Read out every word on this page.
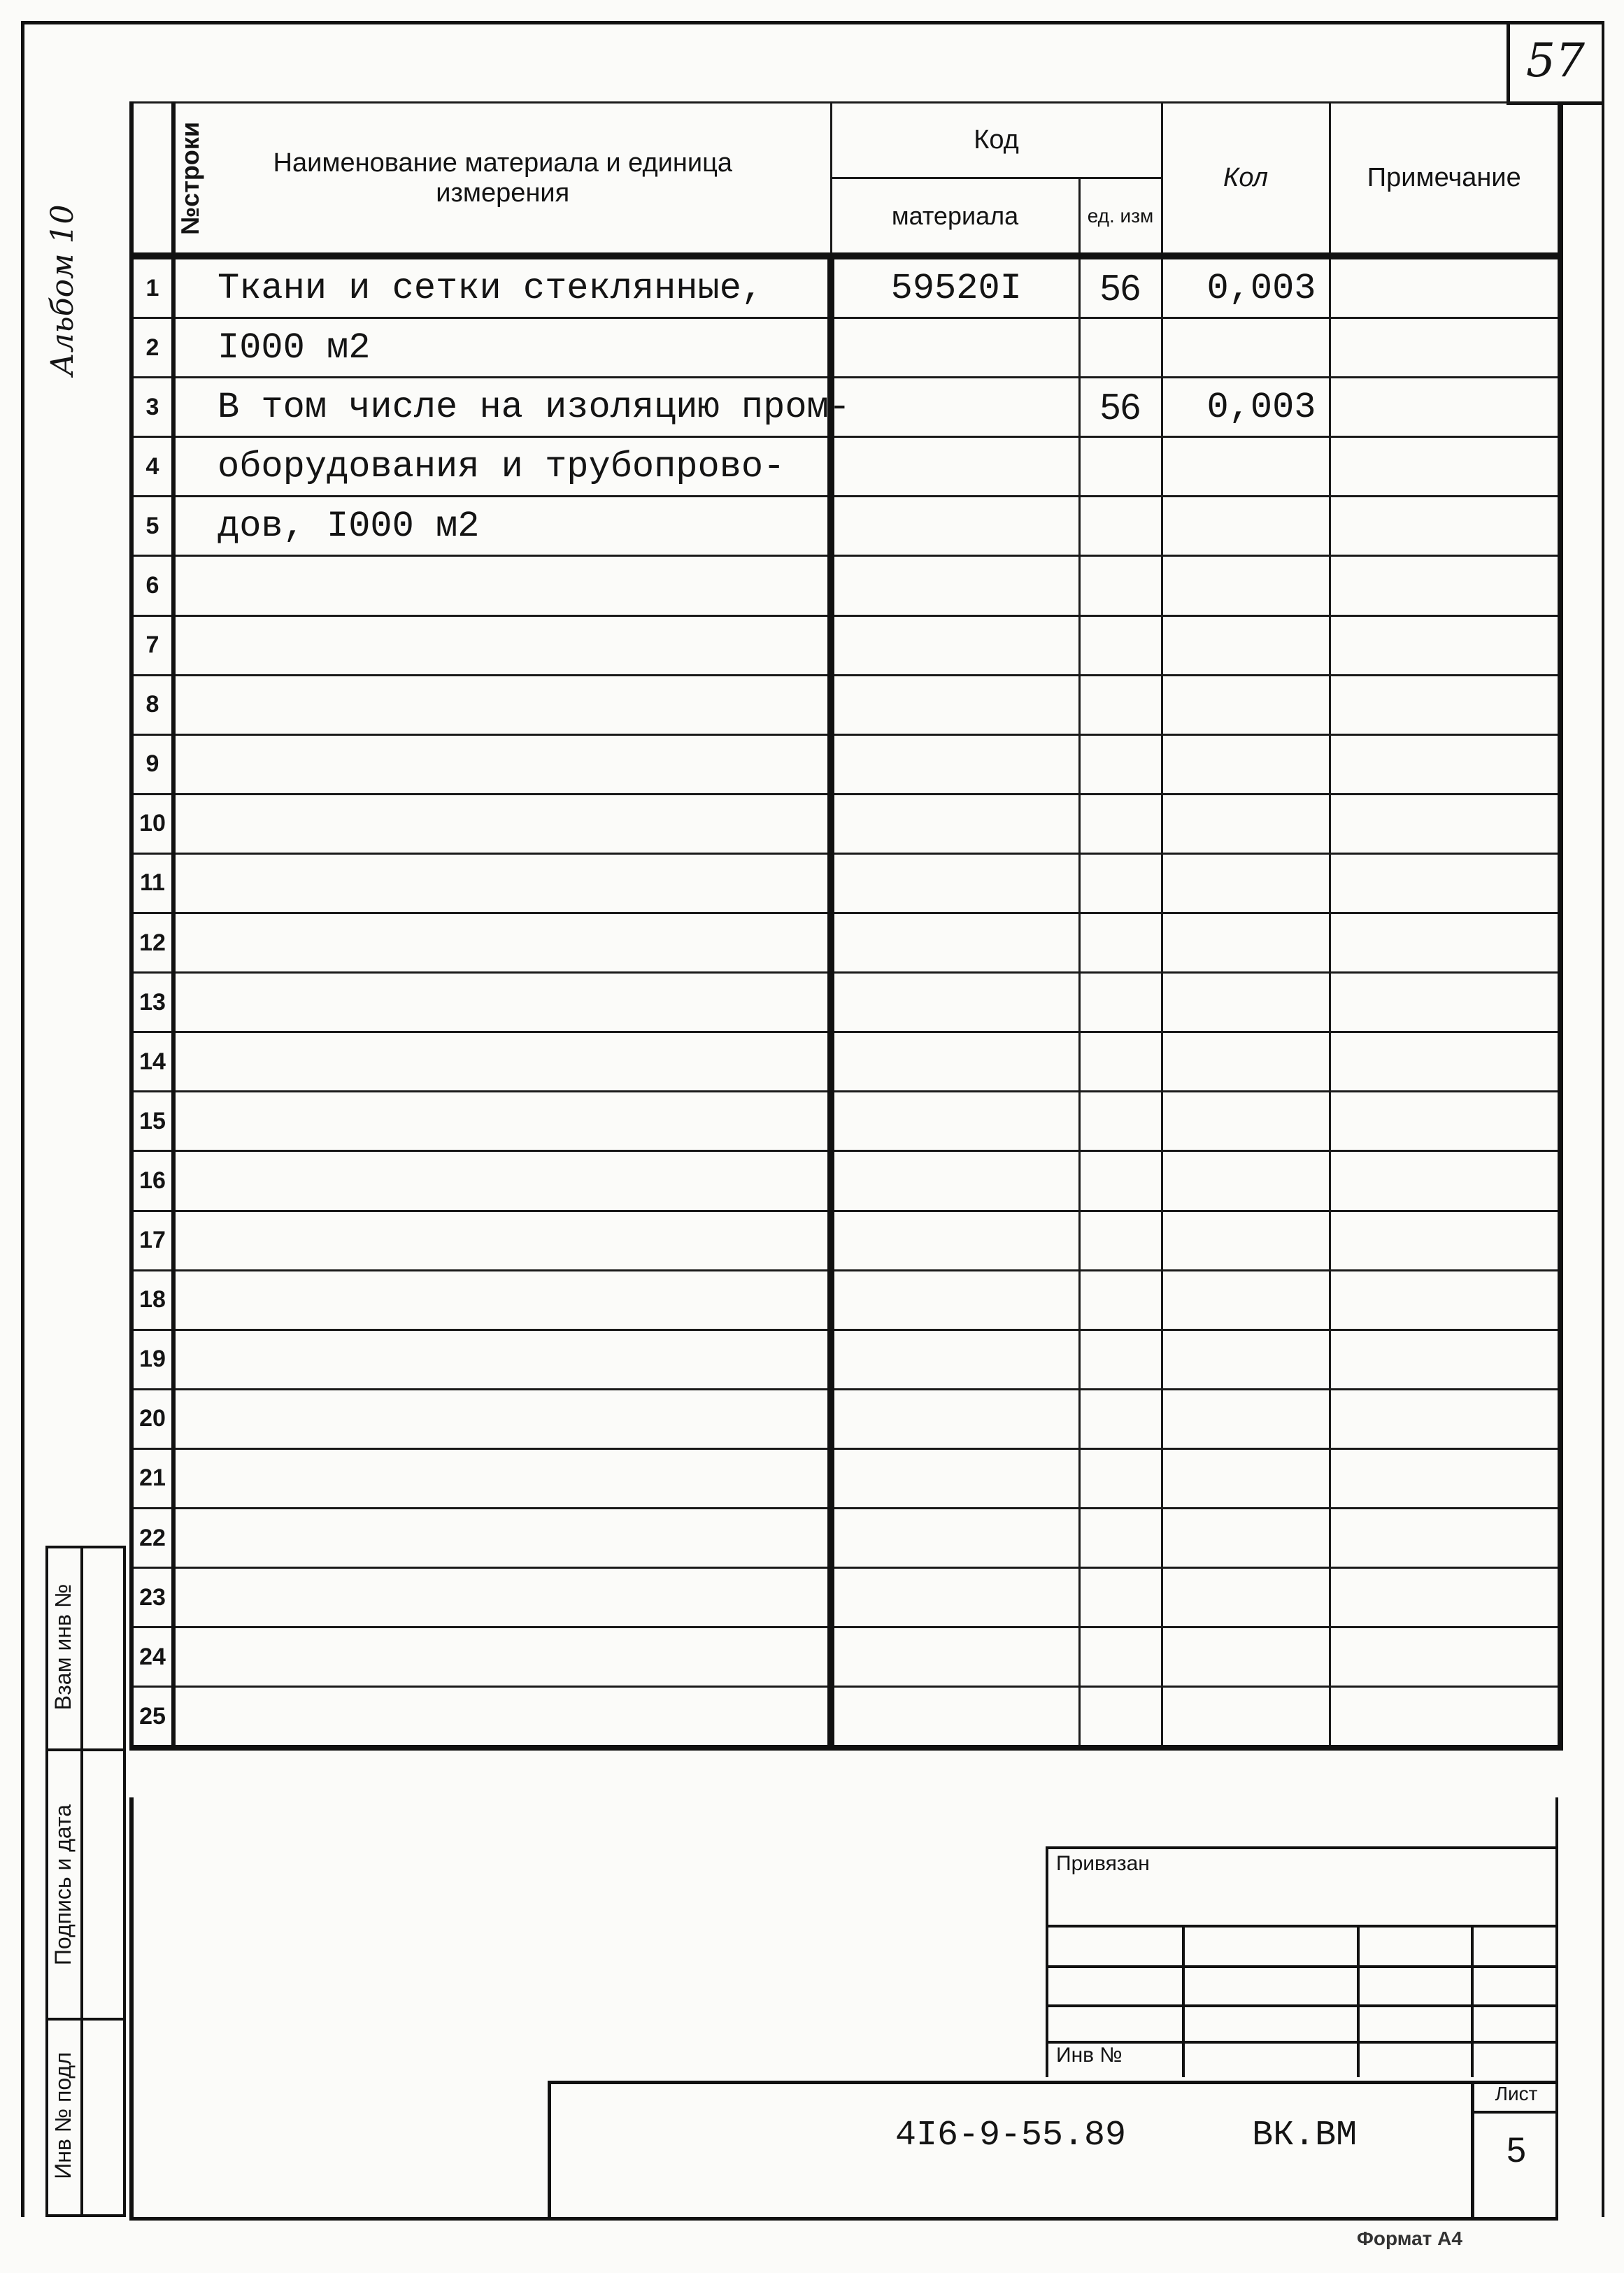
57
Альбом 10
№строки	Наименование материала и единица измерения	Код		Кол	Примечание
		материала	ед. изм		
1	Ткани и сетки стеклянные,	59520I	56	0,003	
2	I000 м2				
3	В том числе на изоляцию пром-		56	0,003	
4	оборудования и трубопрово-				
5	дов, I000 м2				
6					
7					
8					
9					
10					
11					
12					
13					
14					
15					
16					
17					
18					
19					
20					
21					
22					
23					
24					
25					
Взам инв №
Подпись и дата
Инв № подл
Привязан
Инв №
4I6-9-55.89	ВК.ВМ
Лист
5
Формат А4
